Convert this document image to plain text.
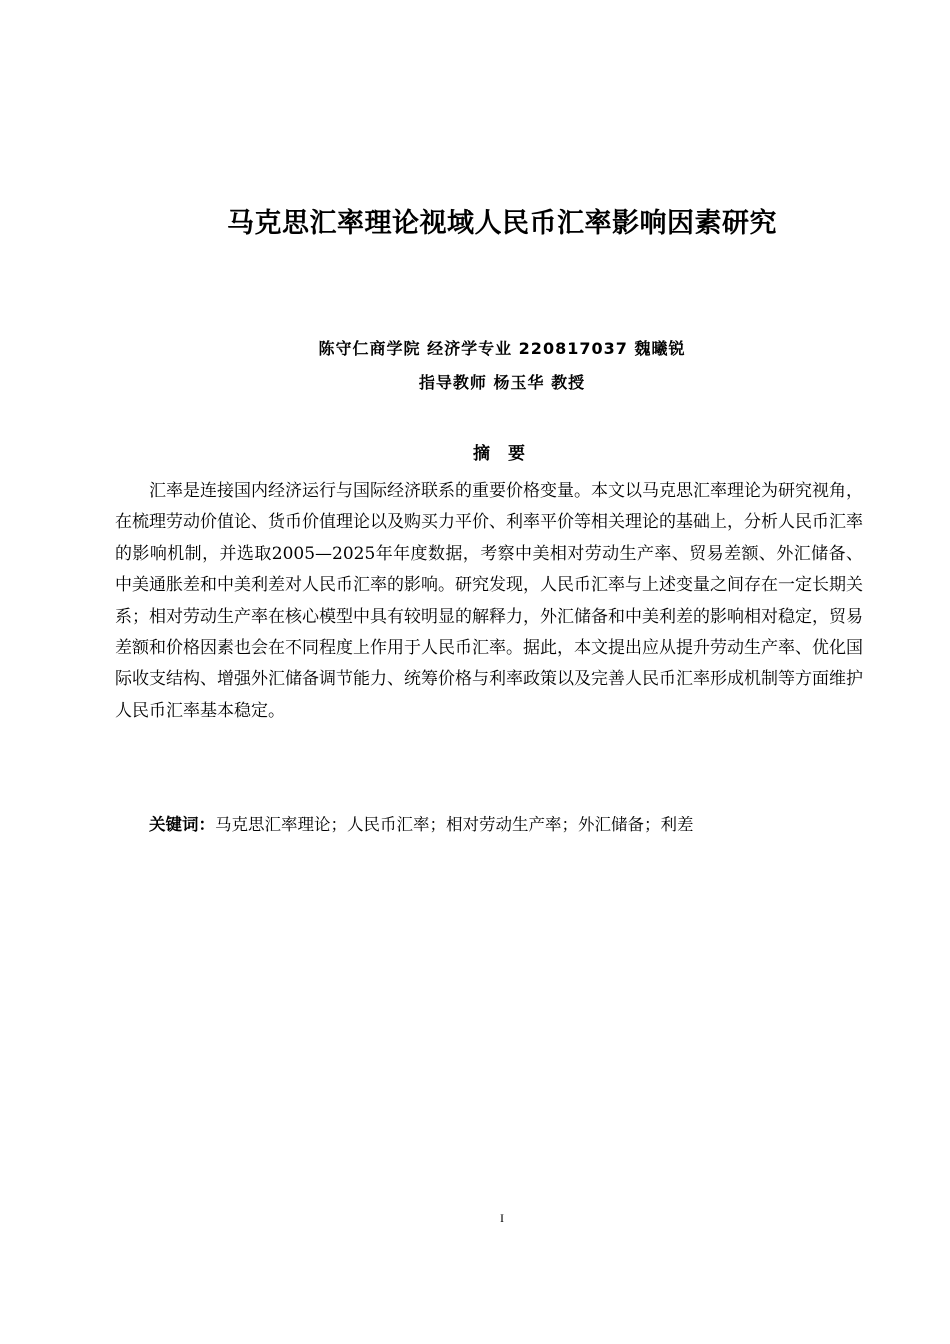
马克思汇率理论视域人民币汇率影响因素研究
陈守仁商学院 经济学专业 220817037 魏曦锐
指导教师 杨玉华 教授
摘 要

汇率是连接国内经济运行与国际经济联系的重要价格变量。本文以马克思汇率理论为研究视角，在梳理劳动价值论、货币价值理论以及购买力平价、利率平价等相关理论的基础上，分析人民币汇率的影响机制，并选取2005—2025年年度数据，考察中美相对劳动生产率、贸易差额、外汇储备、中美通胀差和中美利差对人民币汇率的影响。研究发现，人民币汇率与上述变量之间存在一定长期关系；相对劳动生产率在核心模型中具有较明显的解释力，外汇储备和中美利差的影响相对稳定，贸易差额和价格因素也会在不同程度上作用于人民币汇率。据此，本文提出应从提升劳动生产率、优化国际收支结构、增强外汇储备调节能力、统筹价格与利率政策以及完善人民币汇率形成机制等方面维护人民币汇率基本稳定。

关键词：马克思汇率理论；人民币汇率；相对劳动生产率；外汇储备；利差
I
